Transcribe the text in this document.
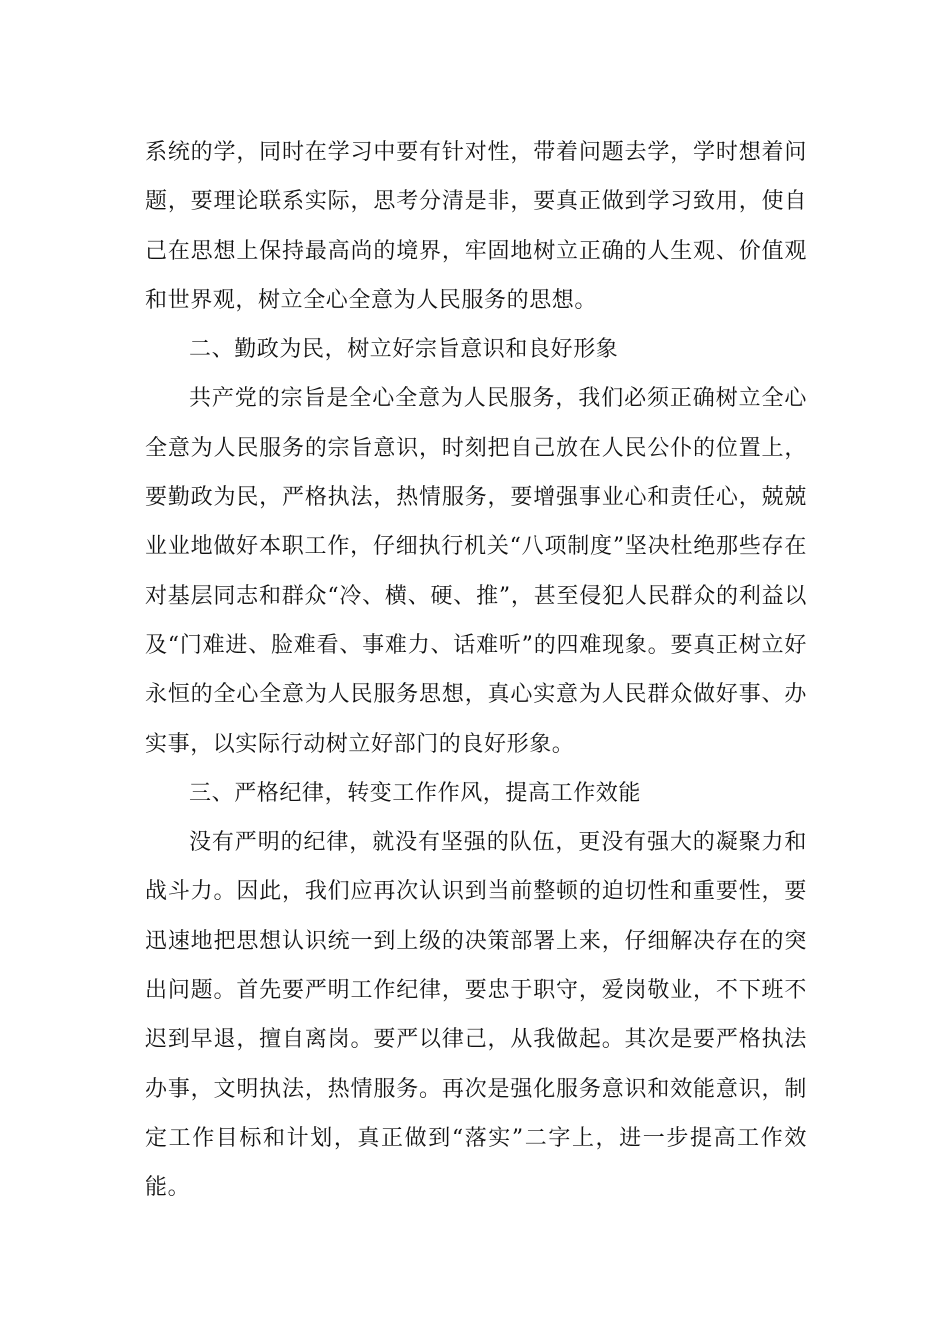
系统的学，同时在学习中要有针对性，带着问题去学，学时想着问题，要理论联系实际，思考分清是非，要真正做到学习致用，使自己在思想上保持最高尚的境界，牢固地树立正确的人生观、价值观和世界观，树立全心全意为人民服务的思想。

二、勤政为民，树立好宗旨意识和良好形象

共产党的宗旨是全心全意为人民服务，我们必须正确树立全心全意为人民服务的宗旨意识，时刻把自己放在人民公仆的位置上，要勤政为民，严格执法，热情服务，要增强事业心和责任心，兢兢业业地做好本职工作，仔细执行机关“八项制度”坚决杜绝那些存在对基层同志和群众“冷、横、硬、推”，甚至侵犯人民群众的利益以及“门难进、脸难看、事难力、话难听”的四难现象。要真正树立好永恒的全心全意为人民服务思想，真心实意为人民群众做好事、办实事，以实际行动树立好部门的良好形象。

三、严格纪律，转变工作作风，提高工作效能

没有严明的纪律，就没有坚强的队伍，更没有强大的凝聚力和战斗力。因此，我们应再次认识到当前整顿的迫切性和重要性，要迅速地把思想认识统一到上级的决策部署上来，仔细解决存在的突出问题。首先要严明工作纪律，要忠于职守，爱岗敬业，不下班不迟到早退，擅自离岗。要严以律己，从我做起。其次是要严格执法办事，文明执法，热情服务。再次是强化服务意识和效能意识，制定工作目标和计划，真正做到“落实”二字上，进一步提高工作效能。
